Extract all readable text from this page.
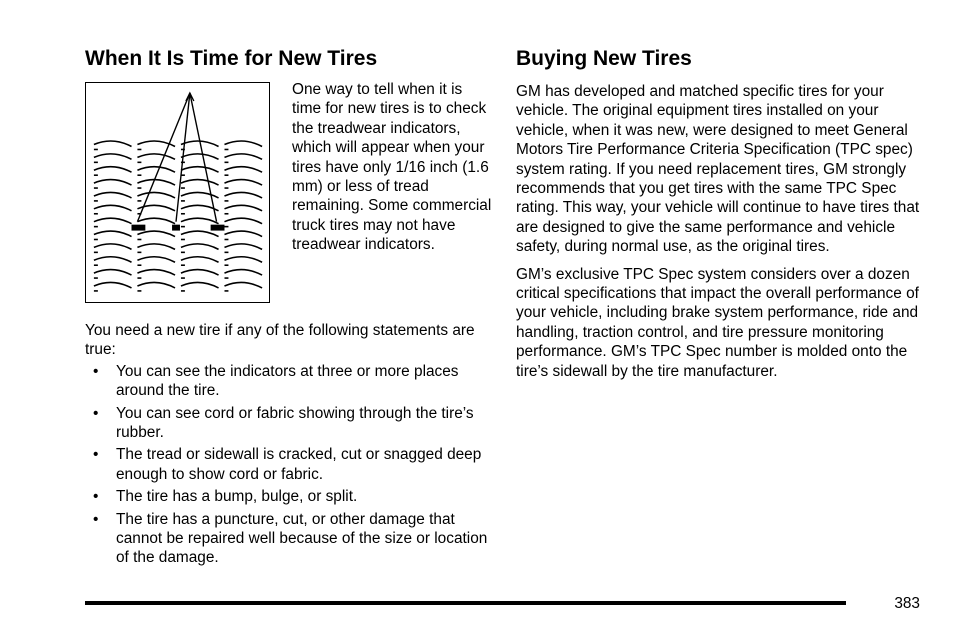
When It Is Time for New Tires
One way to tell when it is time for new tires is to check the treadwear indicators, which will appear when your tires have only 1/16 inch (1.6 mm) or less of tread remaining. Some commercial truck tires may not have treadwear indicators.

You need a new tire if any of the following statements are true:

• You can see the indicators at three or more places around the tire.
• You can see cord or fabric showing through the tire’s rubber.
• The tread or sidewall is cracked, cut or snagged deep enough to show cord or fabric.
• The tire has a bump, bulge, or split.
• The tire has a puncture, cut, or other damage that cannot be repaired well because of the size or location of the damage.
Buying New Tires

GM has developed and matched specific tires for your vehicle. The original equipment tires installed on your vehicle, when it was new, were designed to meet General Motors Tire Performance Criteria Specification (TPC spec) system rating. If you need replacement tires, GM strongly recommends that you get tires with the same TPC Spec rating. This way, your vehicle will continue to have tires that are designed to give the same performance and vehicle safety, during normal use, as the original tires.

GM’s exclusive TPC Spec system considers over a dozen critical specifications that impact the overall performance of your vehicle, including brake system performance, ride and handling, traction control, and tire pressure monitoring performance. GM’s TPC Spec number is molded onto the tire’s sidewall by the tire manufacturer.

383
